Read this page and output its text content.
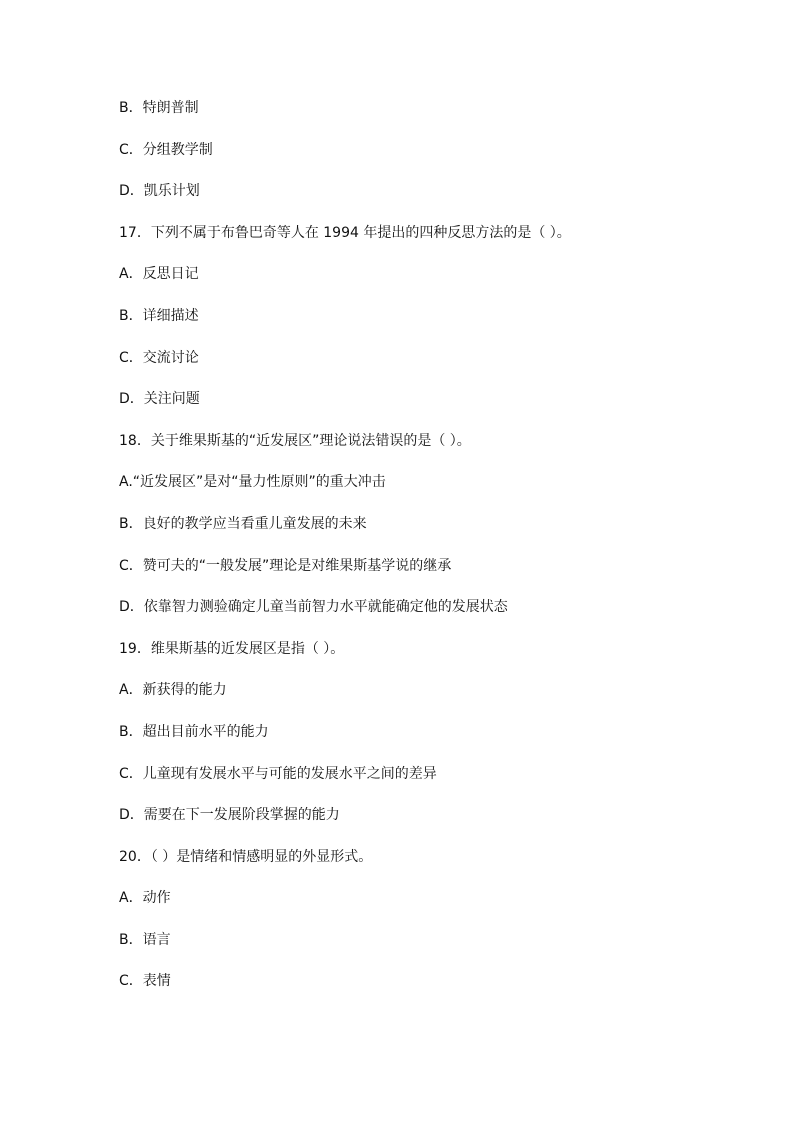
B．特朗普制
C．分组教学制
D．凯乐计划
17．下列不属于布鲁巴奇等人在 1994 年提出的四种反思方法的是（ ）。
A．反思日记
B．详细描述
C．交流讨论
D．关注问题
18．关于维果斯基的“近发展区”理论说法错误的是（ ）。
A.“近发展区”是对“量力性原则”的重大冲击
B．良好的教学应当看重儿童发展的未来
C．赞可夫的“一般发展”理论是对维果斯基学说的继承
D．依靠智力测验确定儿童当前智力水平就能确定他的发展状态
19．维果斯基的近发展区是指（ ）。
A．新获得的能力
B．超出目前水平的能力
C．儿童现有发展水平与可能的发展水平之间的差异
D．需要在下一发展阶段掌握的能力
20．（ ）是情绪和情感明显的外显形式。
A．动作
B．语言
C．表情
